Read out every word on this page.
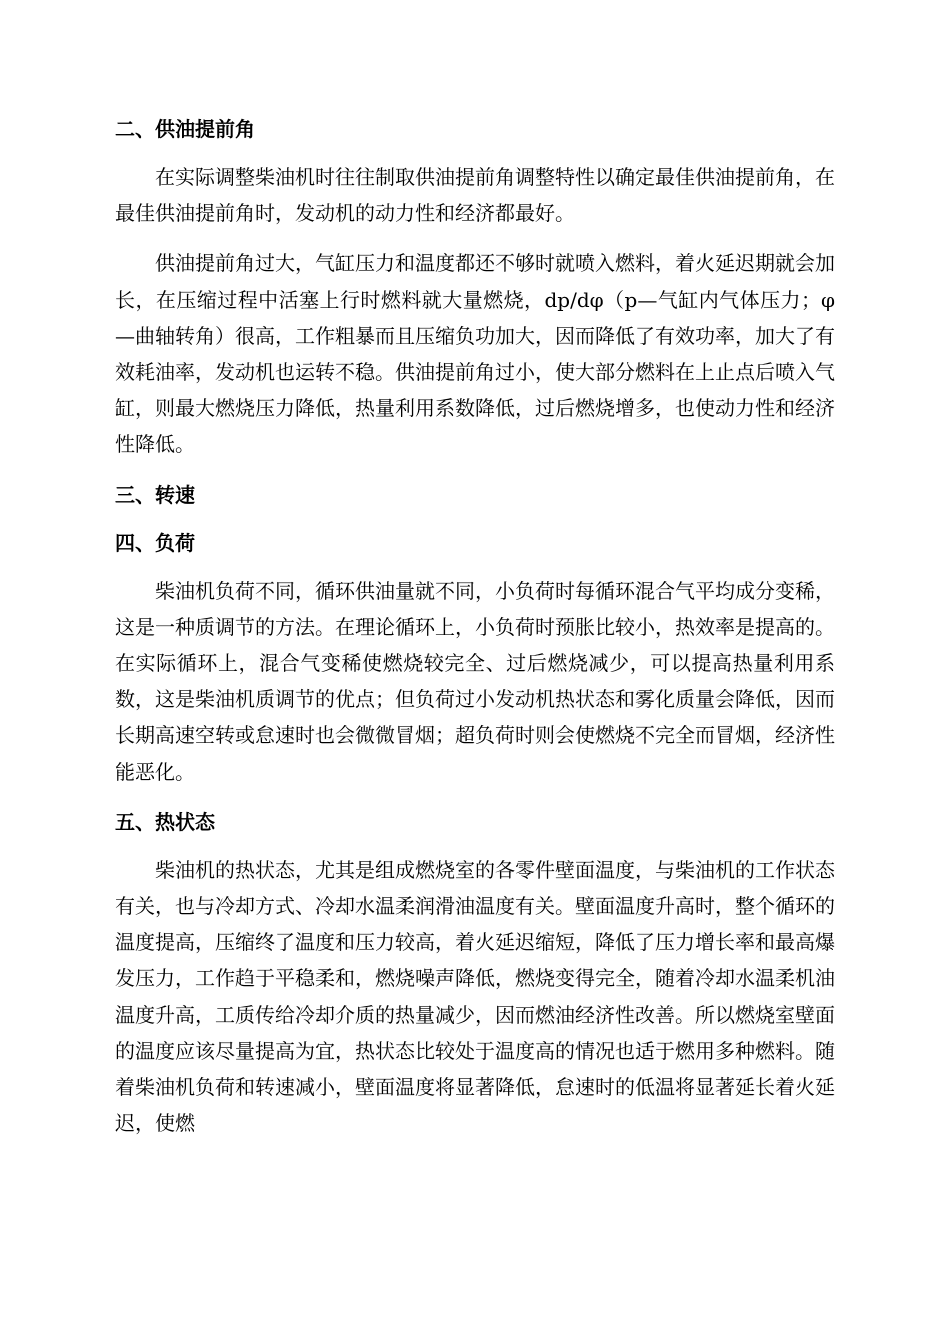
二、供油提前角

在实际调整柴油机时往往制取供油提前角调整特性以确定最佳供油提前角，在最佳供油提前角时，发动机的动力性和经济都最好。

供油提前角过大，气缸压力和温度都还不够时就喷入燃料，着火延迟期就会加长，在压缩过程中活塞上行时燃料就大量燃烧，dp/dφ（p—气缸内气体压力；φ—曲轴转角）很高，工作粗暴而且压缩负功加大，因而降低了有效功率，加大了有效耗油率，发动机也运转不稳。供油提前角过小，使大部分燃料在上止点后喷入气缸，则最大燃烧压力降低，热量利用系数降低，过后燃烧增多，也使动力性和经济性降低。

三、转速
四、负荷

柴油机负荷不同，循环供油量就不同，小负荷时每循环混合气平均成分变稀，这是一种质调节的方法。在理论循环上，小负荷时预胀比较小，热效率是提高的。在实际循环上，混合气变稀使燃烧较完全、过后燃烧减少，可以提高热量利用系数，这是柴油机质调节的优点；但负荷过小发动机热状态和雾化质量会降低，因而长期高速空转或怠速时也会微微冒烟；超负荷时则会使燃烧不完全而冒烟，经济性能恶化。

五、热状态

柴油机的热状态，尤其是组成燃烧室的各零件壁面温度，与柴油机的工作状态有关，也与冷却方式、冷却水温柔润滑油温度有关。壁面温度升高时，整个循环的温度提高，压缩终了温度和压力较高，着火延迟缩短，降低了压力增长率和最高爆发压力，工作趋于平稳柔和，燃烧噪声降低，燃烧变得完全，随着冷却水温柔机油温度升高，工质传给冷却介质的热量减少，因而燃油经济性改善。所以燃烧室壁面的温度应该尽量提高为宜，热状态比较处于温度高的情况也适于燃用多种燃料。随着柴油机负荷和转速减小，壁面温度将显著降低，怠速时的低温将显著延长着火延迟，使燃
